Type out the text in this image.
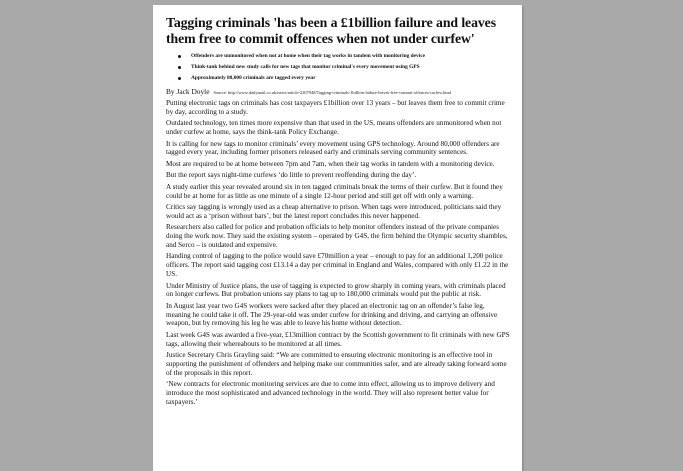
Tagging criminals 'has been a £1billion failure and leaves them free to commit offences when not under curfew'
Offenders are unmonitored when not at home when their tag works in tandem with monitoring device
Think-tank behind new study calls for new tags that monitor criminal's every movement using GPS
Approximately 80,000 criminals are tagged every year
By Jack Doyle Source: http://www.dailymail.co.uk/news/article-2207948/Tagging-criminals-1billion-failure-leaves-free-commit-offences-curfew.html
Putting electronic tags on criminals has cost taxpayers £1billion over 13 years – but leaves them free to commit crime by day, according to a study.
Outdated technology, ten times more expensive than that used in the US, means offenders are unmonitored when not under curfew at home, says the think-tank Policy Exchange.
It is calling for new tags to monitor criminals’ every movement using GPS technology. Around 80,000 offenders are tagged every year, including former prisoners released early and criminals serving community sentences.
Most are required to be at home between 7pm and 7am, when their tag works in tandem with a monitoring device.
But the report says night-time curfews ‘do little to prevent reoffending during the day’.
A study earlier this year revealed around six in ten tagged criminals break the terms of their curfew. But it found they could be at home for as little as one minute of a single 12-hour period and still get off with only a warning.
Critics say tagging is wrongly used as a cheap alternative to prison. When tags were introduced, politicians said they would act as a ‘prison without bars’, but the latest report concludes this never happened.
Researchers also called for police and probation officials to help monitor offenders instead of the private companies doing the work now. They said the existing system – operated by G4S, the firm behind the Olympic security shambles, and Serco – is outdated and expensive.
Handing control of tagging to the police would save £70million a year – enough to pay for an additional 1,200 police officers. The report said tagging cost £13.14 a day per criminal in England and Wales, compared with only £1.22 in the US.
Under Ministry of Justice plans, the use of tagging is expected to grow sharply in coming years, with criminals placed on longer curfews. But probation unions say plans to tag up to 180,000 criminals would put the public at risk.
In August last year two G4S workers were sacked after they placed an electronic tag on an offender’s false leg, meaning he could take it off. The 29-year-old was under curfew for drinking and driving, and carrying an offensive weapon, but by removing his leg he was able to leave his home without detection.
Last week G4S was awarded a five-year, £13million contract by the Scottish government to fit criminals with new GPS tags, allowing their whereabouts to be monitored at all times.
Justice Secretary Chris Grayling said: “We are committed to ensuring electronic monitoring is an effective tool in supporting the punishment of offenders and helping make our communities safer, and are already taking forward some of the proposals in this report.
‘New contracts for electronic monitoring services are due to come into effect, allowing us to improve delivery and introduce the most sophisticated and advanced technology in the world. They will also represent better value for taxpayers.’
